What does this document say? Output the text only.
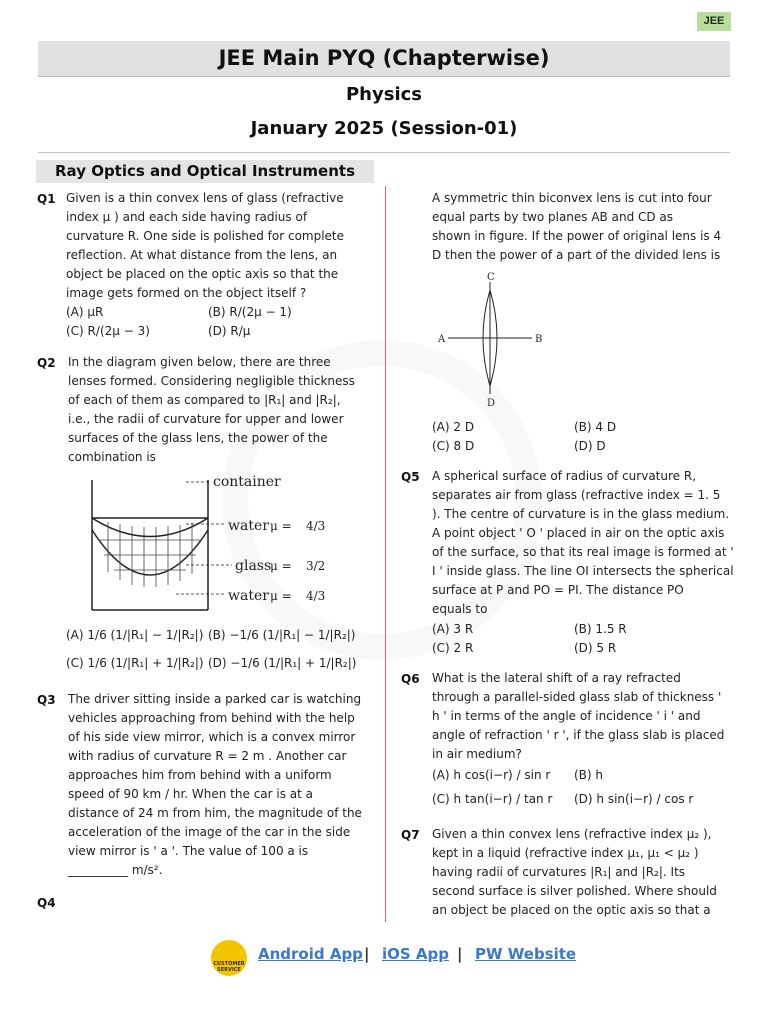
JEE
JEE Main PYQ (Chapterwise)
Physics
January 2025 (Session-01)
Ray Optics and Optical Instruments
Q1 Given is a thin convex lens of glass (refractive
index μ ) and each side having radius of
curvature R. One side is polished for complete
reflection. At what distance from the lens, an
object be placed on the optic axis so that the
image gets formed on the object itself ?
(A) μR	(B) R/(2μ − 1)
(C) R/(2μ − 3)	(D) R/μ
Q2 In the diagram given below, there are three
lenses formed. Considering negligible thickness
of each of them as compared to |R₁| and |R₂|,
i.e., the radii of curvature for upper and lower
surfaces of the glass lens, the power of the
combination is
container
water μ = 4/3
glass
μ = 3/2
water μ = 4/3
(A) 1/6 (1/|R₁| − 1/|R₂|) (B) −1/6 (1/|R₁| − 1/|R₂|)
(C) 1/6 (1/|R₁| + 1/|R₂|) (D) −1/6 (1/|R₁| + 1/|R₂|)
Q3 The driver sitting inside a parked car is watching
vehicles approaching from behind with the help
of his side view mirror, which is a convex mirror
with radius of curvature R = 2 m . Another car
approaches him from behind with a uniform
speed of 90 km / hr. When the car is at a
distance of 24 m from him, the magnitude of the
acceleration of the image of the car in the side
view mirror is ' a '. The value of 100 a is
__________ m/s².
Q4
A symmetric thin biconvex lens is cut into four
equal parts by two planes AB and CD as
shown in figure. If the power of original lens is 4
D then the power of a part of the divided lens is
C
D
A	B
(A) 2 D	(B) 4 D
(C) 8 D	(D) D
Q5 A spherical surface of radius of curvature R,
separates air from glass (refractive index = 1. 5
). The centre of curvature is in the glass medium.
A point object ' O ' placed in air on the optic axis
of the surface, so that its real image is formed at '
I ' inside glass. The line OI intersects the spherical
surface at P and PO = PI. The distance PO
equals to
(A) 3 R	(B) 1.5 R
(C) 2 R	(D) 5 R
Q6 What is the lateral shift of a ray refracted
through a parallel-sided glass slab of thickness '
h ' in terms of the angle of incidence ' i ' and
angle of refraction ' r ', if the glass slab is placed
in air medium?
(A) h cos(i−r) / sin r (B) h
(C) h tan(i−r) / tan r (D) h sin(i−r) / cos r
Q7 Given a thin convex lens (refractive index μ₂ ),
kept in a liquid (refractive index μ₁, μ₁ < μ₂ )
having radii of curvatures |R₁| and |R₂|. Its
second surface is silver polished. Where should
an object be placed on the optic axis so that a
CUSTOMER SERVICE
Android App | iOS App | PW Website
